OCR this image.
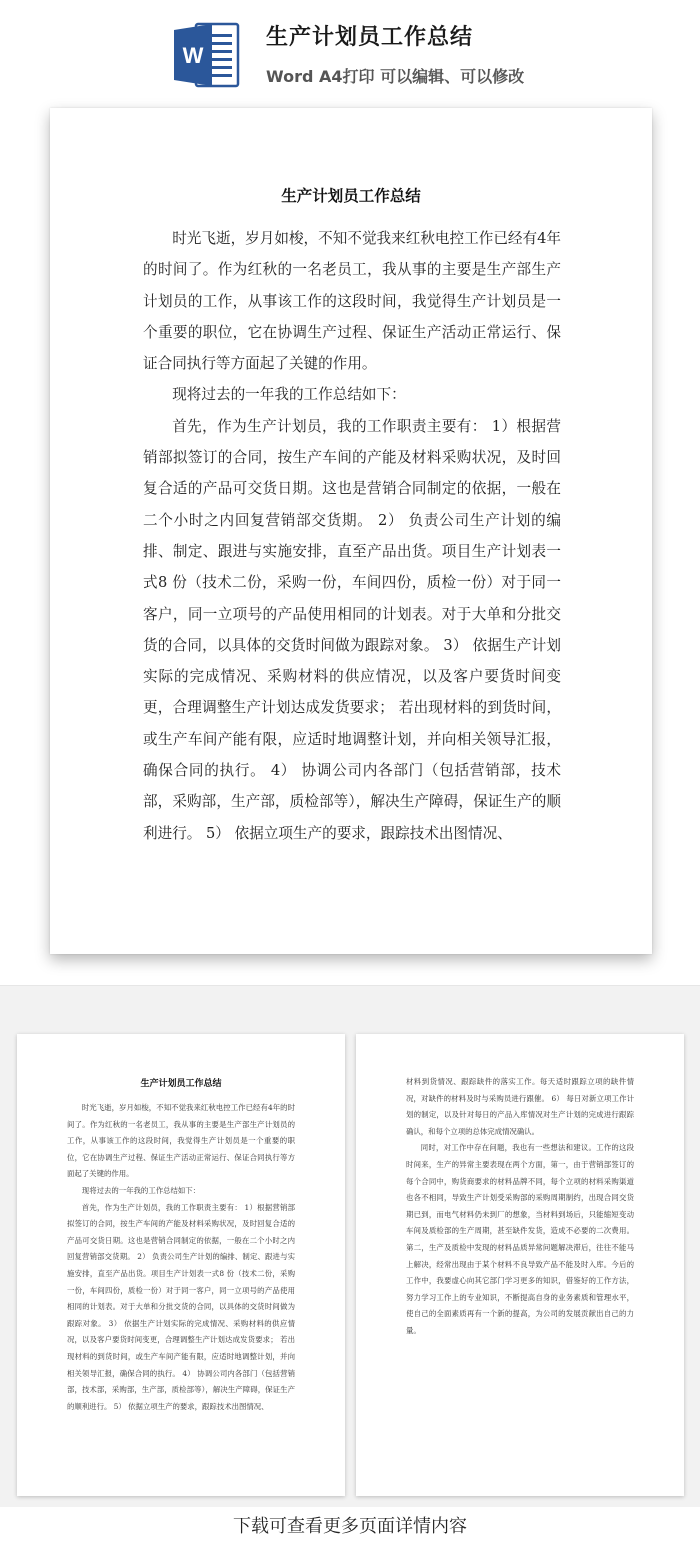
W
生产计划员工作总结
Word A4打印 可以编辑、可以修改
生产计划员工作总结

时光飞逝，岁月如梭，不知不觉我来红秋电控工作已经有4年的时间了。作为红秋的一名老员工，我从事的主要是生产部生产计划员的工作，从事该工作的这段时间，我觉得生产计划员是一个重要的职位，它在协调生产过程、保证生产活动正常运行、保证合同执行等方面起了关键的作用。

现将过去的一年我的工作总结如下：

首先，作为生产计划员，我的工作职责主要有： 1）根据营销部拟签订的合同，按生产车间的产能及材料采购状况，及时回复合适的产品可交货日期。这也是营销合同制定的依据，一般在二个小时之内回复营销部交货期。 2） 负责公司生产计划的编排、制定、跟进与实施安排，直至产品出货。项目生产计划表一式8 份（技术二份，采购一份，车间四份，质检一份）对于同一客户，同一立项号的产品使用相同的计划表。对于大单和分批交货的合同，以具体的交货时间做为跟踪对象。 3） 依据生产计划实际的完成情况、采购材料的供应情况，以及客户要货时间变更，合理调整生产计划达成发货要求； 若出现材料的到货时间，或生产车间产能有限，应适时地调整计划，并向相关领导汇报，确保合同的执行。 4） 协调公司内各部门（包括营销部，技术部，采购部，生产部，质检部等），解决生产障碍，保证生产的顺利进行。 5） 依据立项生产的要求，跟踪技术出图情况、

生产计划员工作总结

时光飞逝，岁月如梭，不知不觉我来红秋电控工作已经有4年的时间了。作为红秋的一名老员工，我从事的主要是生产部生产计划员的工作，从事该工作的这段时间，我觉得生产计划员是一个重要的职位，它在协调生产过程、保证生产活动正常运行、保证合同执行等方面起了关键的作用。

现将过去的一年我的工作总结如下：

首先，作为生产计划员，我的工作职责主要有： 1）根据营销部拟签订的合同，按生产车间的产能及材料采购状况，及时回复合适的产品可交货日期。这也是营销合同制定的依据，一般在二个小时之内回复营销部交货期。 2） 负责公司生产计划的编排、制定、跟进与实施安排，直至产品出货。项目生产计划表一式8 份（技术二份，采购一份，车间四份，质检一份）对于同一客户，同一立项号的产品使用相同的计划表。对于大单和分批交货的合同，以具体的交货时间做为跟踪对象。 3） 依据生产计划实际的完成情况、采购材料的供应情况，以及客户要货时间变更，合理调整生产计划达成发货要求； 若出现材料的到货时间，或生产车间产能有限，应适时地调整计划，并向相关领导汇报，确保合同的执行。 4） 协调公司内各部门（包括营销部，技术部，采购部，生产部，质检部等），解决生产障碍，保证生产的顺利进行。 5） 依据立项生产的要求，跟踪技术出图情况、

材料到货情况、跟踪缺件的落实工作。每天适时跟踪立项的缺件情况，对缺件的材料及时与采购员进行跟催。 6） 每日对新立项工作计划的制定，以及针对每日的产品入库情况对生产计划的完成进行跟踪确认，和每个立项的总体完成情况确认。

同时，对工作中存在问题，我也有一些想法和建议。工作的这段时间来，生产的异常主要表现在两个方面，第一，由于营销部签订的每个合同中，购货商要求的材料品牌不同，每个立项的材料采购渠道也各不相同，导致生产计划受采购部的采购周期制约，出现合同交货期已到，而电气材料仍未到厂的想象，当材料到场后，只能缩短变动车间及质检部的生产周期，甚至缺件发货，造成不必要的二次费用。第二，生产及质检中发现的材料品质异常问题解决滞后，往往不能马上解决，经常出现由于某个材料不良导致产品不能及时入库。今后的工作中，我要虚心向其它部门学习更多的知识，借鉴好的工作方法，努力学习工作上的专业知识，不断提高自身的业务素质和管理水平，使自己的全面素质再有一个新的提高，为公司的发展贡献出自己的力量。

下载可查看更多页面详情内容
